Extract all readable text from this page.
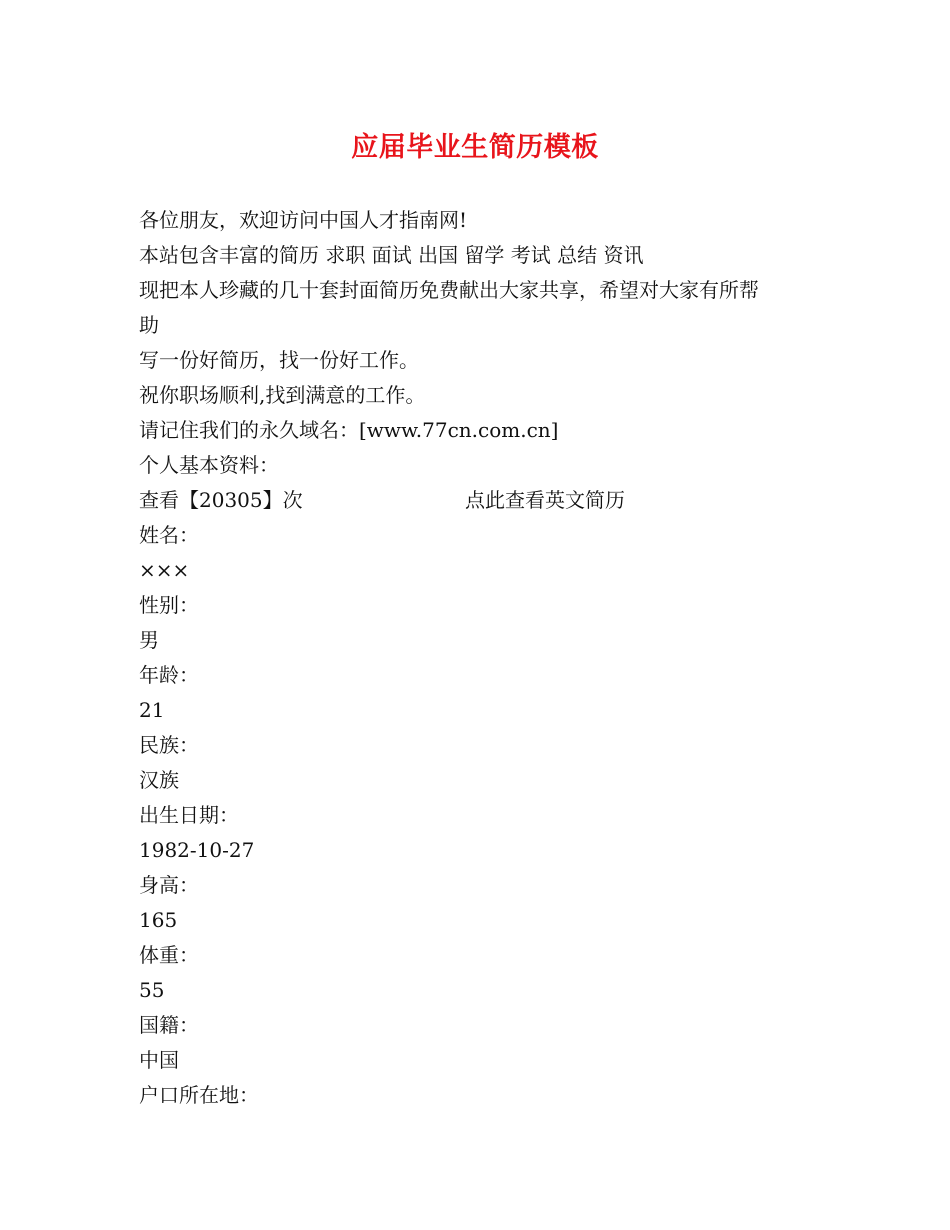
应届毕业生简历模板
各位朋友，欢迎访问中国人才指南网!
本站包含丰富的简历 求职 面试 出国 留学 考试 总结 资讯
现把本人珍藏的几十套封面简历免费献出大家共享，希望对大家有所帮
助
写一份好简历，找一份好工作。
祝你职场顺利,找到满意的工作。
请记住我们的永久域名：[www.77cn.com.cn]
个人基本资料：
查看【20305】次	点此查看英文简历
姓名：
×××
性别：
男
年龄：
21
民族：
汉族
出生日期：
1982-10-27
身高：
165
体重：
55
国籍：
中国
户口所在地：
